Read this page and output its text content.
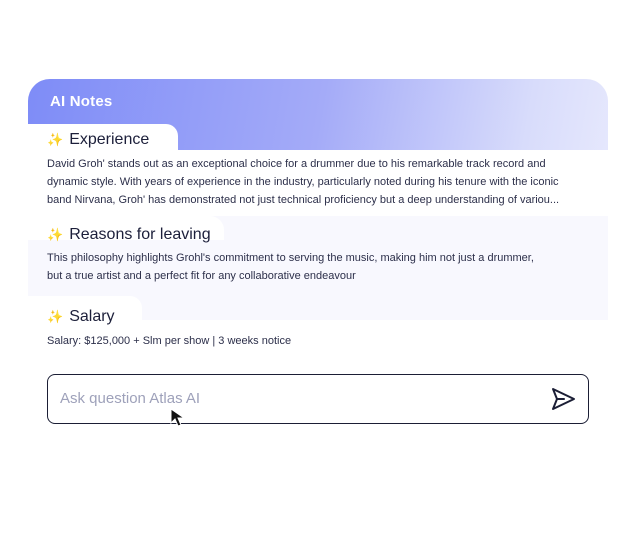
AI Notes
✨ Experience
David Groh' stands out as an exceptional choice for a drummer due to his remarkable track record and
dynamic style. With years of experience in the industry, particularly noted during his tenure with the iconic
band Nirvana, Groh' has demonstrated not just technical proficiency but a deep understanding of variou...
✨ Reasons for leaving
This philosophy highlights Grohl's commitment to serving the music, making him not just a drummer,
but a true artist and a perfect fit for any collaborative endeavour
✨ Salary
Salary: $125,000 + Slm per show | 3 weeks notice
Ask question Atlas AI
